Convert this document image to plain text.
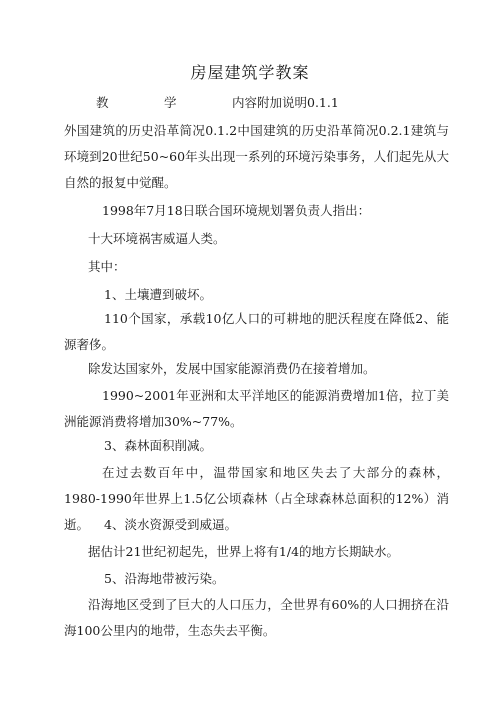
房屋建筑学教案
教	学	内容附加说明0.1.1
外国建筑的历史沿革简况0.1.2中国建筑的历史沿革简况0.2.1建筑与环境到20世纪50~60年头出现一系列的环境污染事务，人们起先从大自然的报复中觉醒。
1998年7月18日联合国环境规划署负责人指出：
十大环境祸害威逼人类。
其中：
1、土壤遭到破坏。
110个国家，承载10亿人口的可耕地的肥沃程度在降低2、能源奢侈。
除发达国家外，发展中国家能源消费仍在接着增加。
1990~2001年亚洲和太平洋地区的能源消费增加1倍，拉丁美洲能源消费将增加30%~77%。
3、森林面积削减。
在过去数百年中，温带国家和地区失去了大部分的森林，1980-1990年世界上1.5亿公顷森林（占全球森林总面积的12%）消逝。	4、淡水资源受到威逼。
据估计21世纪初起先，世界上将有1/4的地方长期缺水。
5、沿海地带被污染。
沿海地区受到了巨大的人口压力，全世界有60%的人口拥挤在沿海100公里内的地带，生态失去平衡。
